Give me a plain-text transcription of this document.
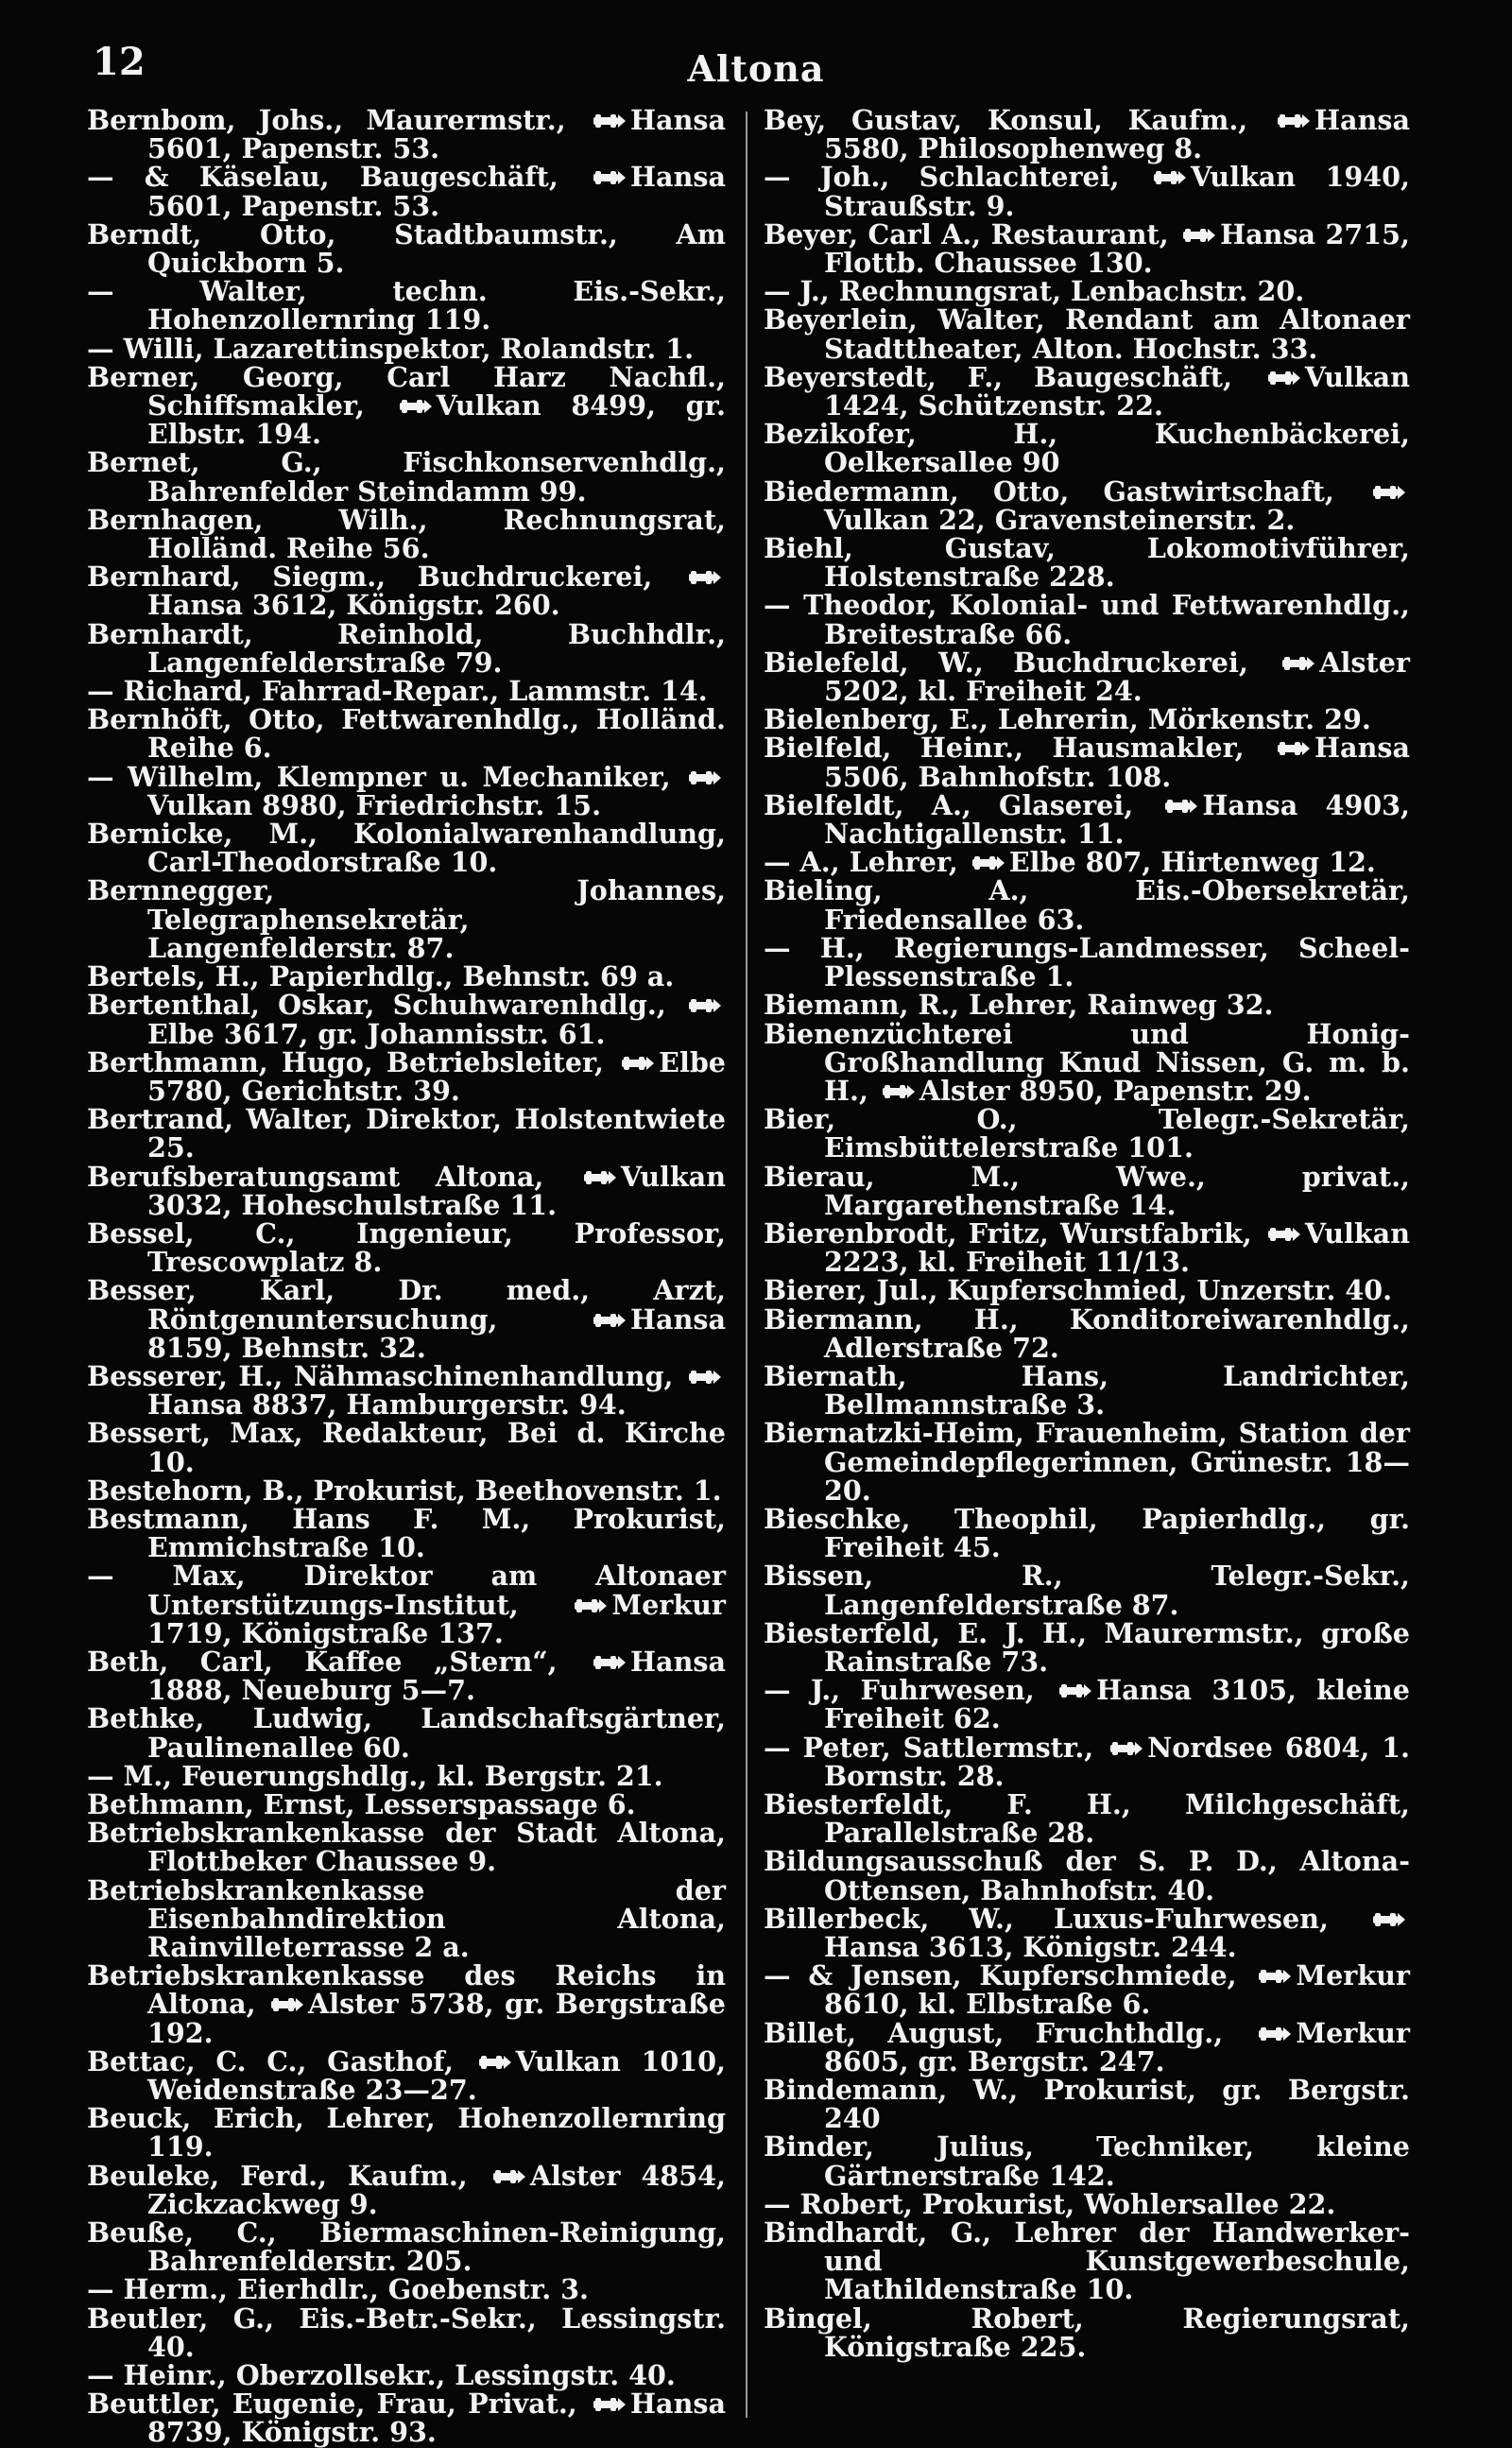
12	Altona

Bernbom, Johs., Maurermstr.,
Hansa 5601, Papenstr. 53.

— & Käselau, Baugeschäft,
Hansa 5601, Papenstr. 53.

Berndt, Otto, Stadtbaumstr., Am Quickborn 5.

— Walter, techn. Eis.-Sekr., Hohenzollernring 119.

— Willi, Lazarettinspektor, Rolandstr. 1.

Berner, Georg, Carl Harz Nachfl., Schiffsmakler,
Vulkan 8499, gr. Elbstr. 194.

Bernet, G., Fischkonservenhdlg., Bahrenfelder Steindamm 99.

Bernhagen, Wilh., Rechnungsrat, Holländ. Reihe 56.

Bernhard, Siegm., Buchdruckerei,
Hansa 3612, Königstr. 260.

Bernhardt, Reinhold, Buchhdlr., Langenfelderstraße 79.

— Richard, Fahrrad-Repar., Lammstr. 14.

Bernhöft, Otto, Fettwarenhdlg., Holländ. Reihe 6.

— Wilhelm, Klempner u. Mechaniker,
Vulkan 8980, Friedrichstr. 15.

Bernicke, M., Kolonialwarenhandlung, Carl-Theodorstraße 10.

Bernnegger, Johannes, Telegraphensekretär, Langenfelderstr. 87.

Bertels, H., Papierhdlg., Behnstr. 69 a.

Bertenthal, Oskar, Schuhwarenhdlg.,
Elbe 3617, gr. Johannisstr. 61.

Berthmann, Hugo, Betriebsleiter,
Elbe 5780, Gerichtstr. 39.

Bertrand, Walter, Direktor, Holstentwiete 25.

Berufsberatungsamt Altona,
Vulkan 3032, Hoheschulstraße 11.

Bessel, C., Ingenieur, Professor, Trescowplatz 8.

Besser, Karl, Dr. med., Arzt, Röntgenuntersuchung,
Hansa 8159, Behnstr. 32.

Besserer, H., Nähmaschinenhandlung,
Hansa 8837, Hamburgerstr. 94.

Bessert, Max, Redakteur, Bei d. Kirche 10.

Bestehorn, B., Prokurist, Beethovenstr. 1.

Bestmann, Hans F. M., Prokurist, Emmichstraße 10.

— Max, Direktor am Altonaer Unterstützungs-Institut,
Merkur 1719, Königstraße 137.

Beth, Carl, Kaffee „Stern“,
Hansa 1888, Neueburg 5—7.

Bethke, Ludwig, Landschaftsgärtner, Paulinenallee 60.

— M., Feuerungshdlg., kl. Bergstr. 21.

Bethmann, Ernst, Lesserspassage 6.

Betriebskrankenkasse der Stadt Altona, Flottbeker Chaussee 9.

Betriebskrankenkasse der Eisenbahndirektion Altona, Rainvilleterrasse 2 a.

Betriebskrankenkasse des Reichs in Altona,
Alster 5738, gr. Bergstraße 192.

Bettac, C. C., Gasthof,
Vulkan 1010, Weidenstraße 23—27.

Beuck, Erich, Lehrer, Hohenzollernring 119.

Beuleke, Ferd., Kaufm.,
Alster 4854, Zickzackweg 9.

Beuße, C., Biermaschinen-Reinigung, Bahrenfelderstr. 205.

— Herm., Eierhdlr., Goebenstr. 3.

Beutler, G., Eis.-Betr.-Sekr., Lessingstr. 40.

— Heinr., Oberzollsekr., Lessingstr. 40.

Beuttler, Eugenie, Frau, Privat.,
Hansa 8739, Königstr. 93.

Bey, Gustav, Konsul, Kaufm.,
Hansa 5580, Philosophenweg 8.

— Joh., Schlachterei,
Vulkan 1940, Straußstr. 9.

Beyer, Carl A., Restaurant,
Hansa 2715, Flottb. Chaussee 130.

— J., Rechnungsrat, Lenbachstr. 20.

Beyerlein, Walter, Rendant am Altonaer Stadttheater, Alton. Hochstr. 33.

Beyerstedt, F., Baugeschäft,
Vulkan 1424, Schützenstr. 22.

Bezikofer, H., Kuchenbäckerei, Oelkersallee 90

Biedermann, Otto, Gastwirtschaft,
Vulkan 22, Gravensteinerstr. 2.

Biehl, Gustav, Lokomotivführer, Holstenstraße 228.

— Theodor, Kolonial- und Fettwarenhdlg., Breitestraße 66.

Bielefeld, W., Buchdruckerei,
Alster 5202, kl. Freiheit 24.

Bielenberg, E., Lehrerin, Mörkenstr. 29.

Bielfeld, Heinr., Hausmakler,
Hansa 5506, Bahnhofstr. 108.

Bielfeldt, A., Glaserei,
Hansa 4903, Nachtigallenstr. 11.

— A., Lehrer,
Elbe 807, Hirtenweg 12.

Bieling, A., Eis.-Obersekretär, Friedensallee 63.

— H., Regierungs-Landmesser, Scheel-Plessenstraße 1.

Biemann, R., Lehrer, Rainweg 32.

Bienenzüchterei und Honig-Großhandlung Knud Nissen, G. m. b. H.,
Alster 8950, Papenstr. 29.

Bier, O., Telegr.-Sekretär, Eimsbüttelerstraße 101.

Bierau, M., Wwe., privat., Margarethenstraße 14.

Bierenbrodt, Fritz, Wurstfabrik,
Vulkan 2223, kl. Freiheit 11/13.

Bierer, Jul., Kupferschmied, Unzerstr. 40.

Biermann, H., Konditoreiwarenhdlg., Adlerstraße 72.

Biernath, Hans, Landrichter, Bellmannstraße 3.

Biernatzki-Heim, Frauenheim, Station der Gemeindepflegerinnen, Grünestr. 18—20.

Bieschke, Theophil, Papierhdlg., gr. Freiheit 45.

Bissen, R., Telegr.-Sekr., Langenfelderstraße 87.

Biesterfeld, E. J. H., Maurermstr., große Rainstraße 73.

— J., Fuhrwesen,
Hansa 3105, kleine Freiheit 62.

— Peter, Sattlermstr.,
Nordsee 6804, 1. Bornstr. 28.

Biesterfeldt, F. H., Milchgeschäft, Parallelstraße 28.

Bildungsausschuß der S. P. D., Altona-Ottensen, Bahnhofstr. 40.

Billerbeck, W., Luxus-Fuhrwesen,
Hansa 3613, Königstr. 244.

— & Jensen, Kupferschmiede,
Merkur 8610, kl. Elbstraße 6.

Billet, August, Fruchthdlg.,
Merkur 8605, gr. Bergstr. 247.

Bindemann, W., Prokurist, gr. Bergstr. 240

Binder, Julius, Techniker, kleine Gärtnerstraße 142.

— Robert, Prokurist, Wohlersallee 22.

Bindhardt, G., Lehrer der Handwerker- und Kunstgewerbeschule, Mathildenstraße 10.

Bingel, Robert, Regierungsrat, Königstraße 225.
